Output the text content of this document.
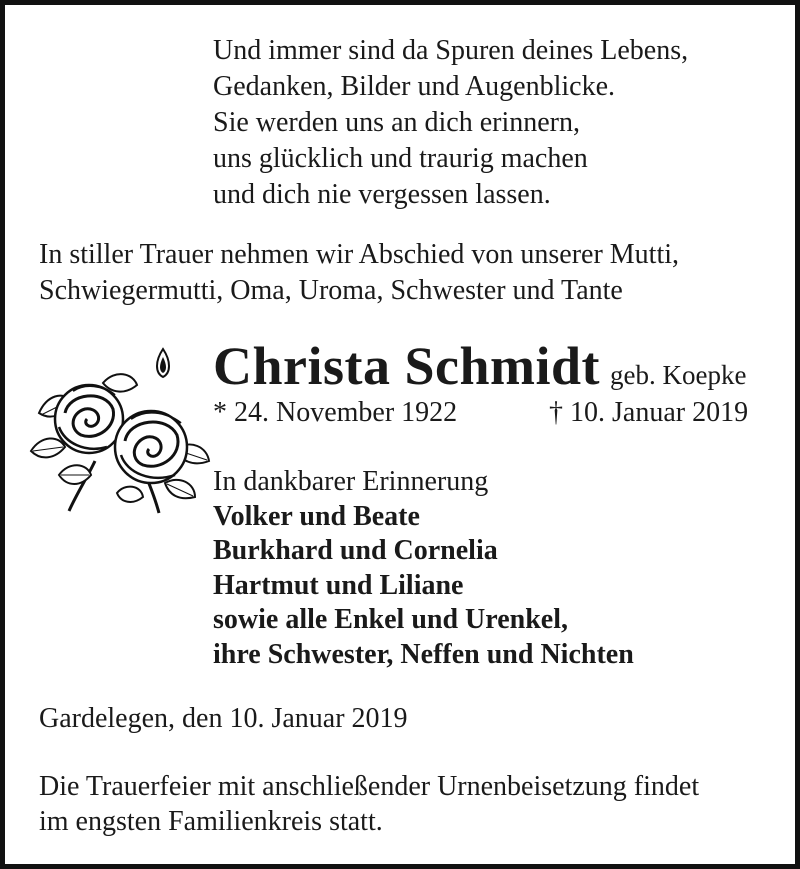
Und immer sind da Spuren deines Lebens,
Gedanken, Bilder und Augenblicke.
Sie werden uns an dich erinnern,
uns glücklich und traurig machen
und dich nie vergessen lassen.
In stiller Trauer nehmen wir Abschied von unserer Mutti,
Schwiegermutti, Oma, Uroma, Schwester und Tante
Christa Schmidt geb. Koepke
* 24. November 1922	† 10. Januar 2019
In dankbarer Erinnerung
Volker und Beate
Burkhard und Cornelia
Hartmut und Liliane
sowie alle Enkel und Urenkel,
ihre Schwester, Neffen und Nichten
Gardelegen, den 10. Januar 2019
Die Trauerfeier mit anschließender Urnenbeisetzung findet
im engsten Familienkreis statt.
